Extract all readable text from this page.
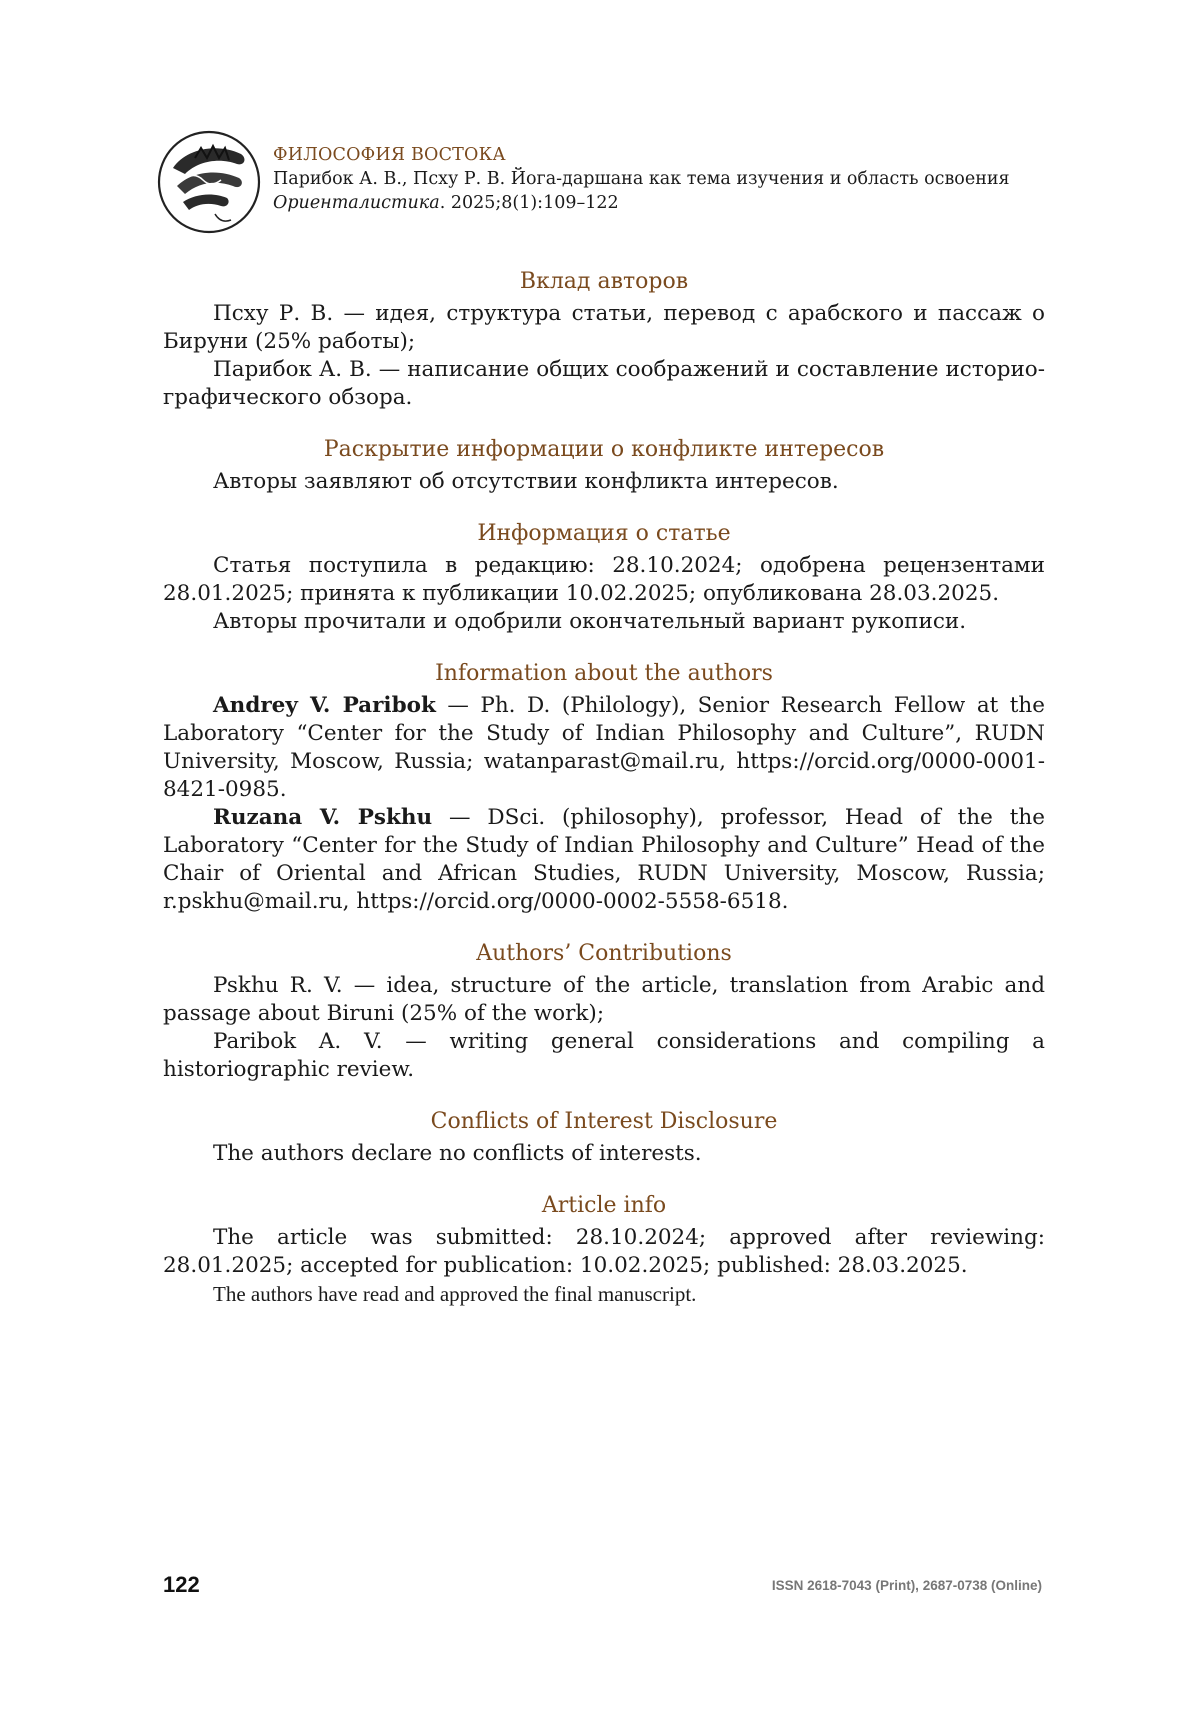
ФИЛОСОФИЯ ВОСТОКА
Парибок А. В., Псху Р. В. Йога-даршана как тема изучения и область освоения
Ориенталистика. 2025;8(1):109–122
Вклад авторов

Псху Р. В. — идея, структура статьи, перевод с арабского и пассаж о Бируни (25% работы);

Парибок А. В. — написание общих соображений и составление историо-графического обзора.

Раскрытие информации о конфликте интересов

Авторы заявляют об отсутствии конфликта интересов.

Информация о статье

Статья поступила в редакцию: 28.10.2024; одобрена рецензентами 28.01.2025; принята к публикации 10.02.2025; опубликована 28.03.2025.

Авторы прочитали и одобрили окончательный вариант рукописи.

Information about the authors

Andrey V. Paribok — Ph. D. (Philology), Senior Research Fellow at the Laboratory “Center for the Study of Indian Philosophy and Culture”, RUDN University, Moscow, Russia; watanparast@mail.ru, https://orcid.org/0000-0001-8421-0985.

Ruzana V. Pskhu — DSci. (philosophy), professor, Head of the the Laboratory “Center for the Study of Indian Philosophy and Culture” Head of the Chair of Oriental and African Studies, RUDN University, Moscow, Russia; r.pskhu@mail.ru, https://orcid.org/0000-0002-5558-6518.

Authors’ Contributions

Pskhu R. V. — idea, structure of the article, translation from Arabic and passage about Biruni (25% of the work);

Paribok A. V. — writing general considerations and compiling a historiographic review.

Conflicts of Interest Disclosure

The authors declare no conflicts of interests.

Article info

The article was submitted: 28.10.2024; approved after reviewing: 28.01.2025; accepted for publication: 10.02.2025; published: 28.03.2025.

The authors have read and approved the final manuscript.

122	ISSN 2618-7043 (Print), 2687-0738 (Online)
